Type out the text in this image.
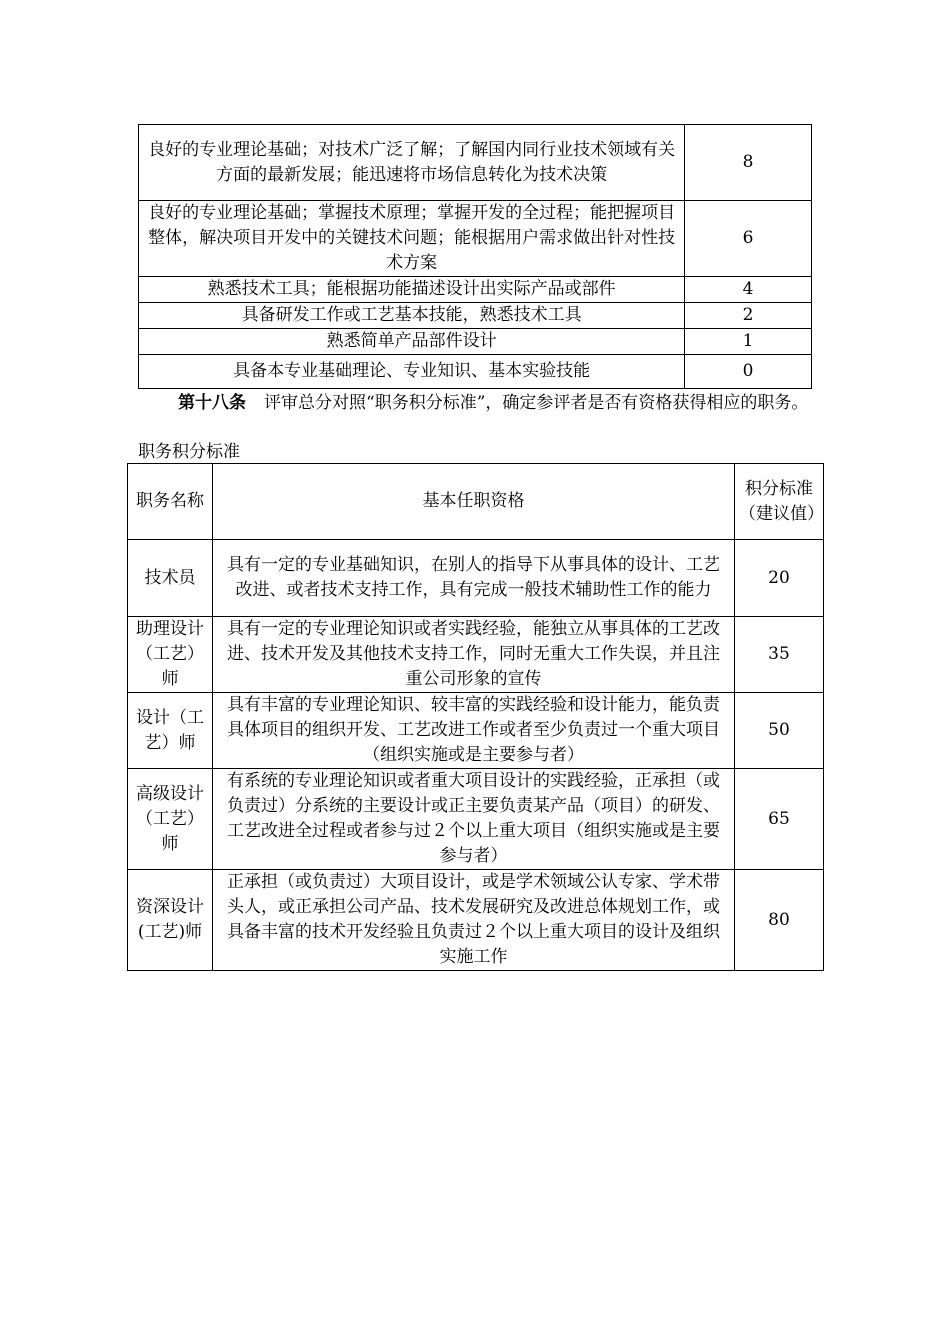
良好的专业理论基础；对技术广泛了解；了解国内同行业技术领域有关方面的最新发展；能迅速将市场信息转化为技术决策	8
良好的专业理论基础；掌握技术原理；掌握开发的全过程；能把握项目整体，解决项目开发中的关键技术问题；能根据用户需求做出针对性技术方案	6
熟悉技术工具；能根据功能描述设计出实际产品或部件	4
具备研发工作或工艺基本技能，熟悉技术工具	2
熟悉简单产品部件设计	1
具备本专业基础理论、专业知识、基本实验技能	0
第十八条 评审总分对照“职务积分标准”，确定参评者是否有资格获得相应的职务。
职务积分标准
职务名称	基本任职资格	积分标准（建议值）
技术员	具有一定的专业基础知识，在别人的指导下从事具体的设计、工艺改进、或者技术支持工作，具有完成一般技术辅助性工作的能力	20
助理设计（工艺）师	具有一定的专业理论知识或者实践经验，能独立从事具体的工艺改进、技术开发及其他技术支持工作，同时无重大工作失误，并且注重公司形象的宣传	35
设计（工艺）师	具有丰富的专业理论知识、较丰富的实践经验和设计能力，能负责具体项目的组织开发、工艺改进工作或者至少负责过一个重大项目（组织实施或是主要参与者）	50
高级设计（工艺）师	有系统的专业理论知识或者重大项目设计的实践经验，正承担（或负责过）分系统的主要设计或正主要负责某产品（项目）的研发、工艺改进全过程或者参与过２个以上重大项目（组织实施或是主要参与者）	65
资深设计(工艺)师	正承担（或负责过）大项目设计，或是学术领域公认专家、学术带头人，或正承担公司产品、技术发展研究及改进总体规划工作，或具备丰富的技术开发经验且负责过２个以上重大项目的设计及组织实施工作	80
